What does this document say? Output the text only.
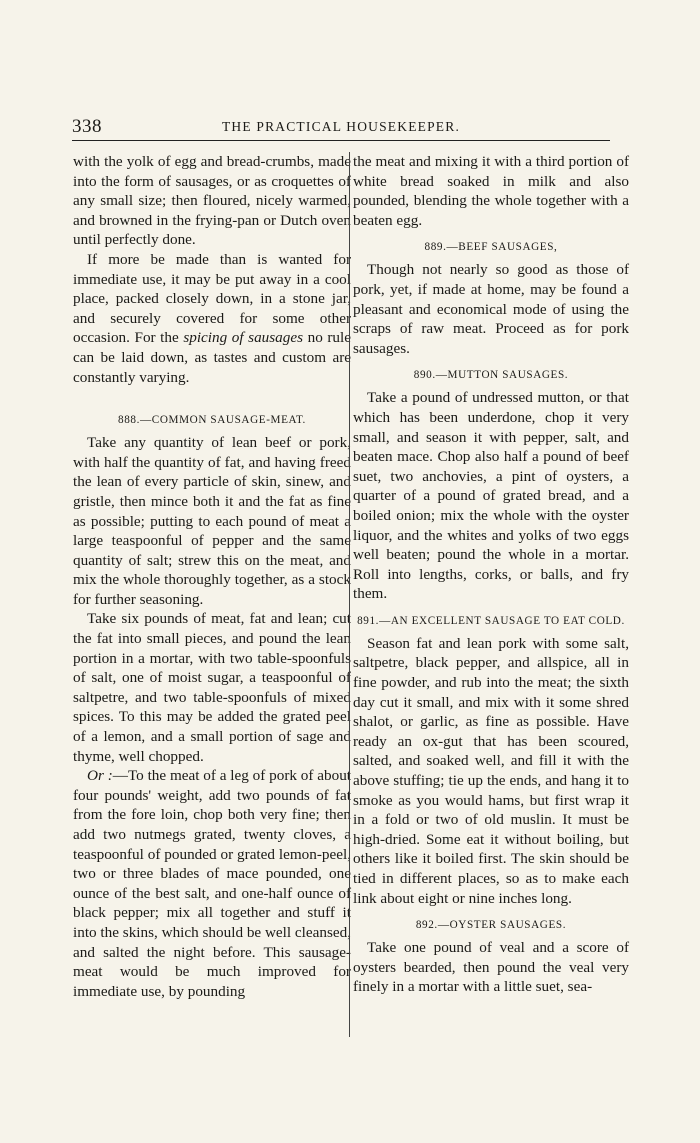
338	THE PRACTICAL HOUSEKEEPER.

with the yolk of egg and bread-crumbs, made into the form of sausages, or as croquettes of any small size; then floured, nicely warmed, and browned in the frying-pan or Dutch oven until perfectly done.

If more be made than is wanted for immediate use, it may be put away in a cool place, packed closely down, in a stone jar, and securely covered for some other occasion. For the spicing of sausages no rule can be laid down, as tastes and custom are constantly varying.

888.—COMMON SAUSAGE-MEAT.

Take any quantity of lean beef or pork, with half the quantity of fat, and having freed the lean of every particle of skin, sinew, and gristle, then mince both it and the fat as fine as possible; putting to each pound of meat a large teaspoonful of pepper and the same quantity of salt; strew this on the meat, and mix the whole thoroughly together, as a stock for further seasoning.

Take six pounds of meat, fat and lean; cut the fat into small pieces, and pound the lean portion in a mortar, with two table-spoonfuls of salt, one of moist sugar, a teaspoonful of saltpetre, and two table-spoonfuls of mixed spices. To this may be added the grated peel of a lemon, and a small portion of sage and thyme, well chopped.

Or :—To the meat of a leg of pork of about four pounds' weight, add two pounds of fat from the fore loin, chop both very fine; then add two nutmegs grated, twenty cloves, a teaspoonful of pounded or grated lemon-peel, two or three blades of mace pounded, one ounce of the best salt, and one-half ounce of black pepper; mix all together and stuff it into the skins, which should be well cleansed, and salted the night before. This sausage-meat would be much improved for immediate use, by pounding

the meat and mixing it with a third portion of white bread soaked in milk and also pounded, blending the whole together with a beaten egg.

889.—BEEF SAUSAGES,

Though not nearly so good as those of pork, yet, if made at home, may be found a pleasant and economical mode of using the scraps of raw meat. Proceed as for pork sausages.

890.—MUTTON SAUSAGES.

Take a pound of undressed mutton, or that which has been underdone, chop it very small, and season it with pepper, salt, and beaten mace. Chop also half a pound of beef suet, two anchovies, a pint of oysters, a quarter of a pound of grated bread, and a boiled onion; mix the whole with the oyster liquor, and the whites and yolks of two eggs well beaten; pound the whole in a mortar. Roll into lengths, corks, or balls, and fry them.

891.—AN EXCELLENT SAUSAGE TO EAT COLD.

Season fat and lean pork with some salt, saltpetre, black pepper, and allspice, all in fine powder, and rub into the meat; the sixth day cut it small, and mix with it some shred shalot, or garlic, as fine as possible. Have ready an ox-gut that has been scoured, salted, and soaked well, and fill it with the above stuffing; tie up the ends, and hang it to smoke as you would hams, but first wrap it in a fold or two of old muslin. It must be high-dried. Some eat it without boiling, but others like it boiled first. The skin should be tied in different places, so as to make each link about eight or nine inches long.

892.—OYSTER SAUSAGES.

Take one pound of veal and a score of oysters bearded, then pound the veal very finely in a mortar with a little suet, sea-
